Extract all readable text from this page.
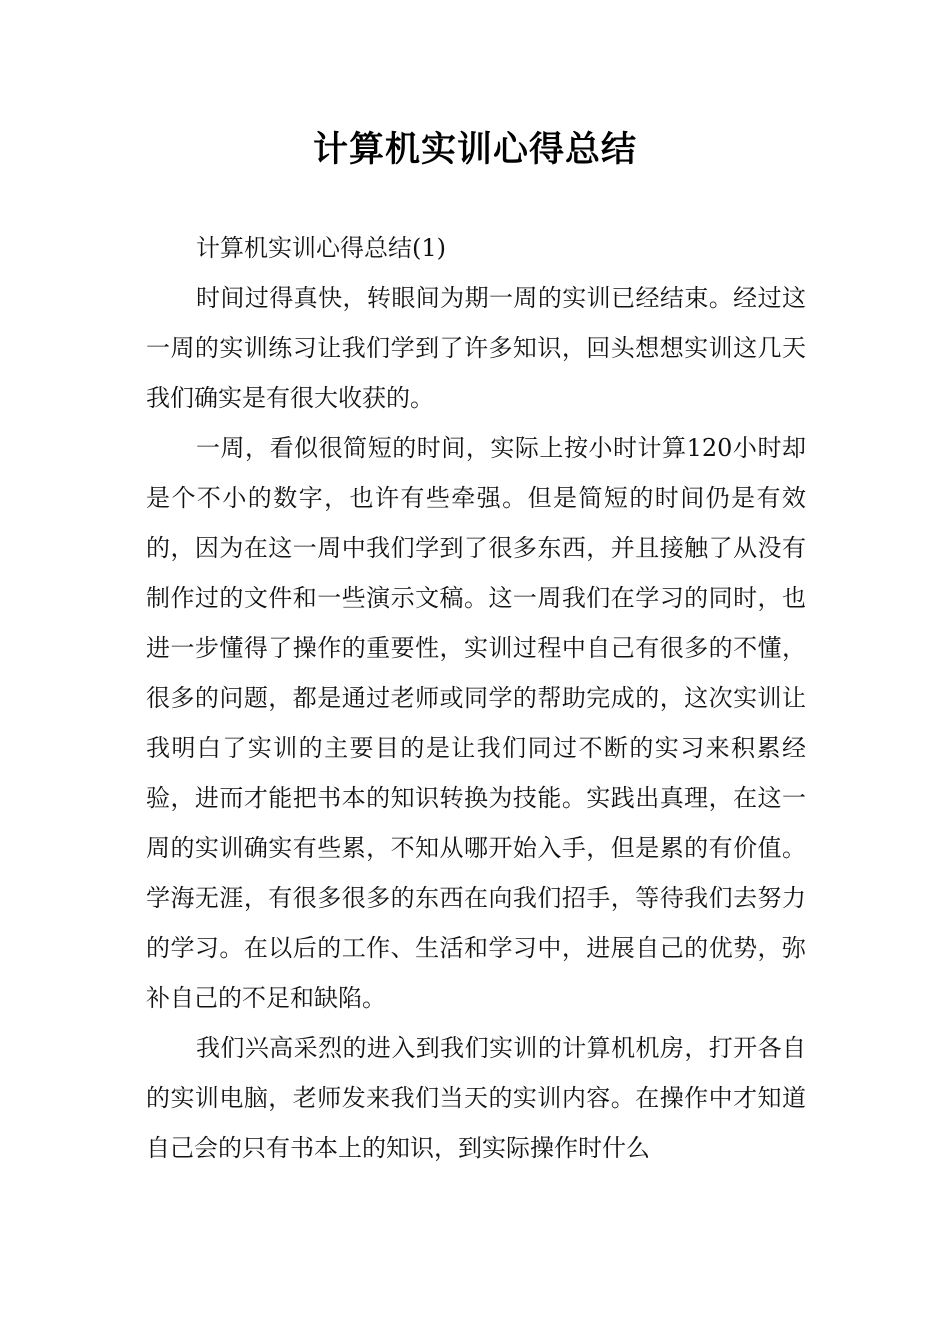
计算机实训心得总结

计算机实训心得总结(1)

时间过得真快，转眼间为期一周的实训已经结束。经过这一周的实训练习让我们学到了许多知识，回头想想实训这几天我们确实是有很大收获的。

一周，看似很简短的时间，实际上按小时计算120小时却是个不小的数字，也许有些牵强。但是简短的时间仍是有效的，因为在这一周中我们学到了很多东西，并且接触了从没有制作过的文件和一些演示文稿。这一周我们在学习的同时，也进一步懂得了操作的重要性，实训过程中自己有很多的不懂，很多的问题，都是通过老师或同学的帮助完成的，这次实训让我明白了实训的主要目的是让我们同过不断的实习来积累经验，进而才能把书本的知识转换为技能。实践出真理，在这一周的实训确实有些累，不知从哪开始入手，但是累的有价值。学海无涯，有很多很多的东西在向我们招手，等待我们去努力的学习。在以后的工作、生活和学习中，进展自己的优势，弥补自己的不足和缺陷。

我们兴高采烈的进入到我们实训的计算机机房，打开各自的实训电脑，老师发来我们当天的实训内容。在操作中才知道自己会的只有书本上的知识，到实际操作时什么
